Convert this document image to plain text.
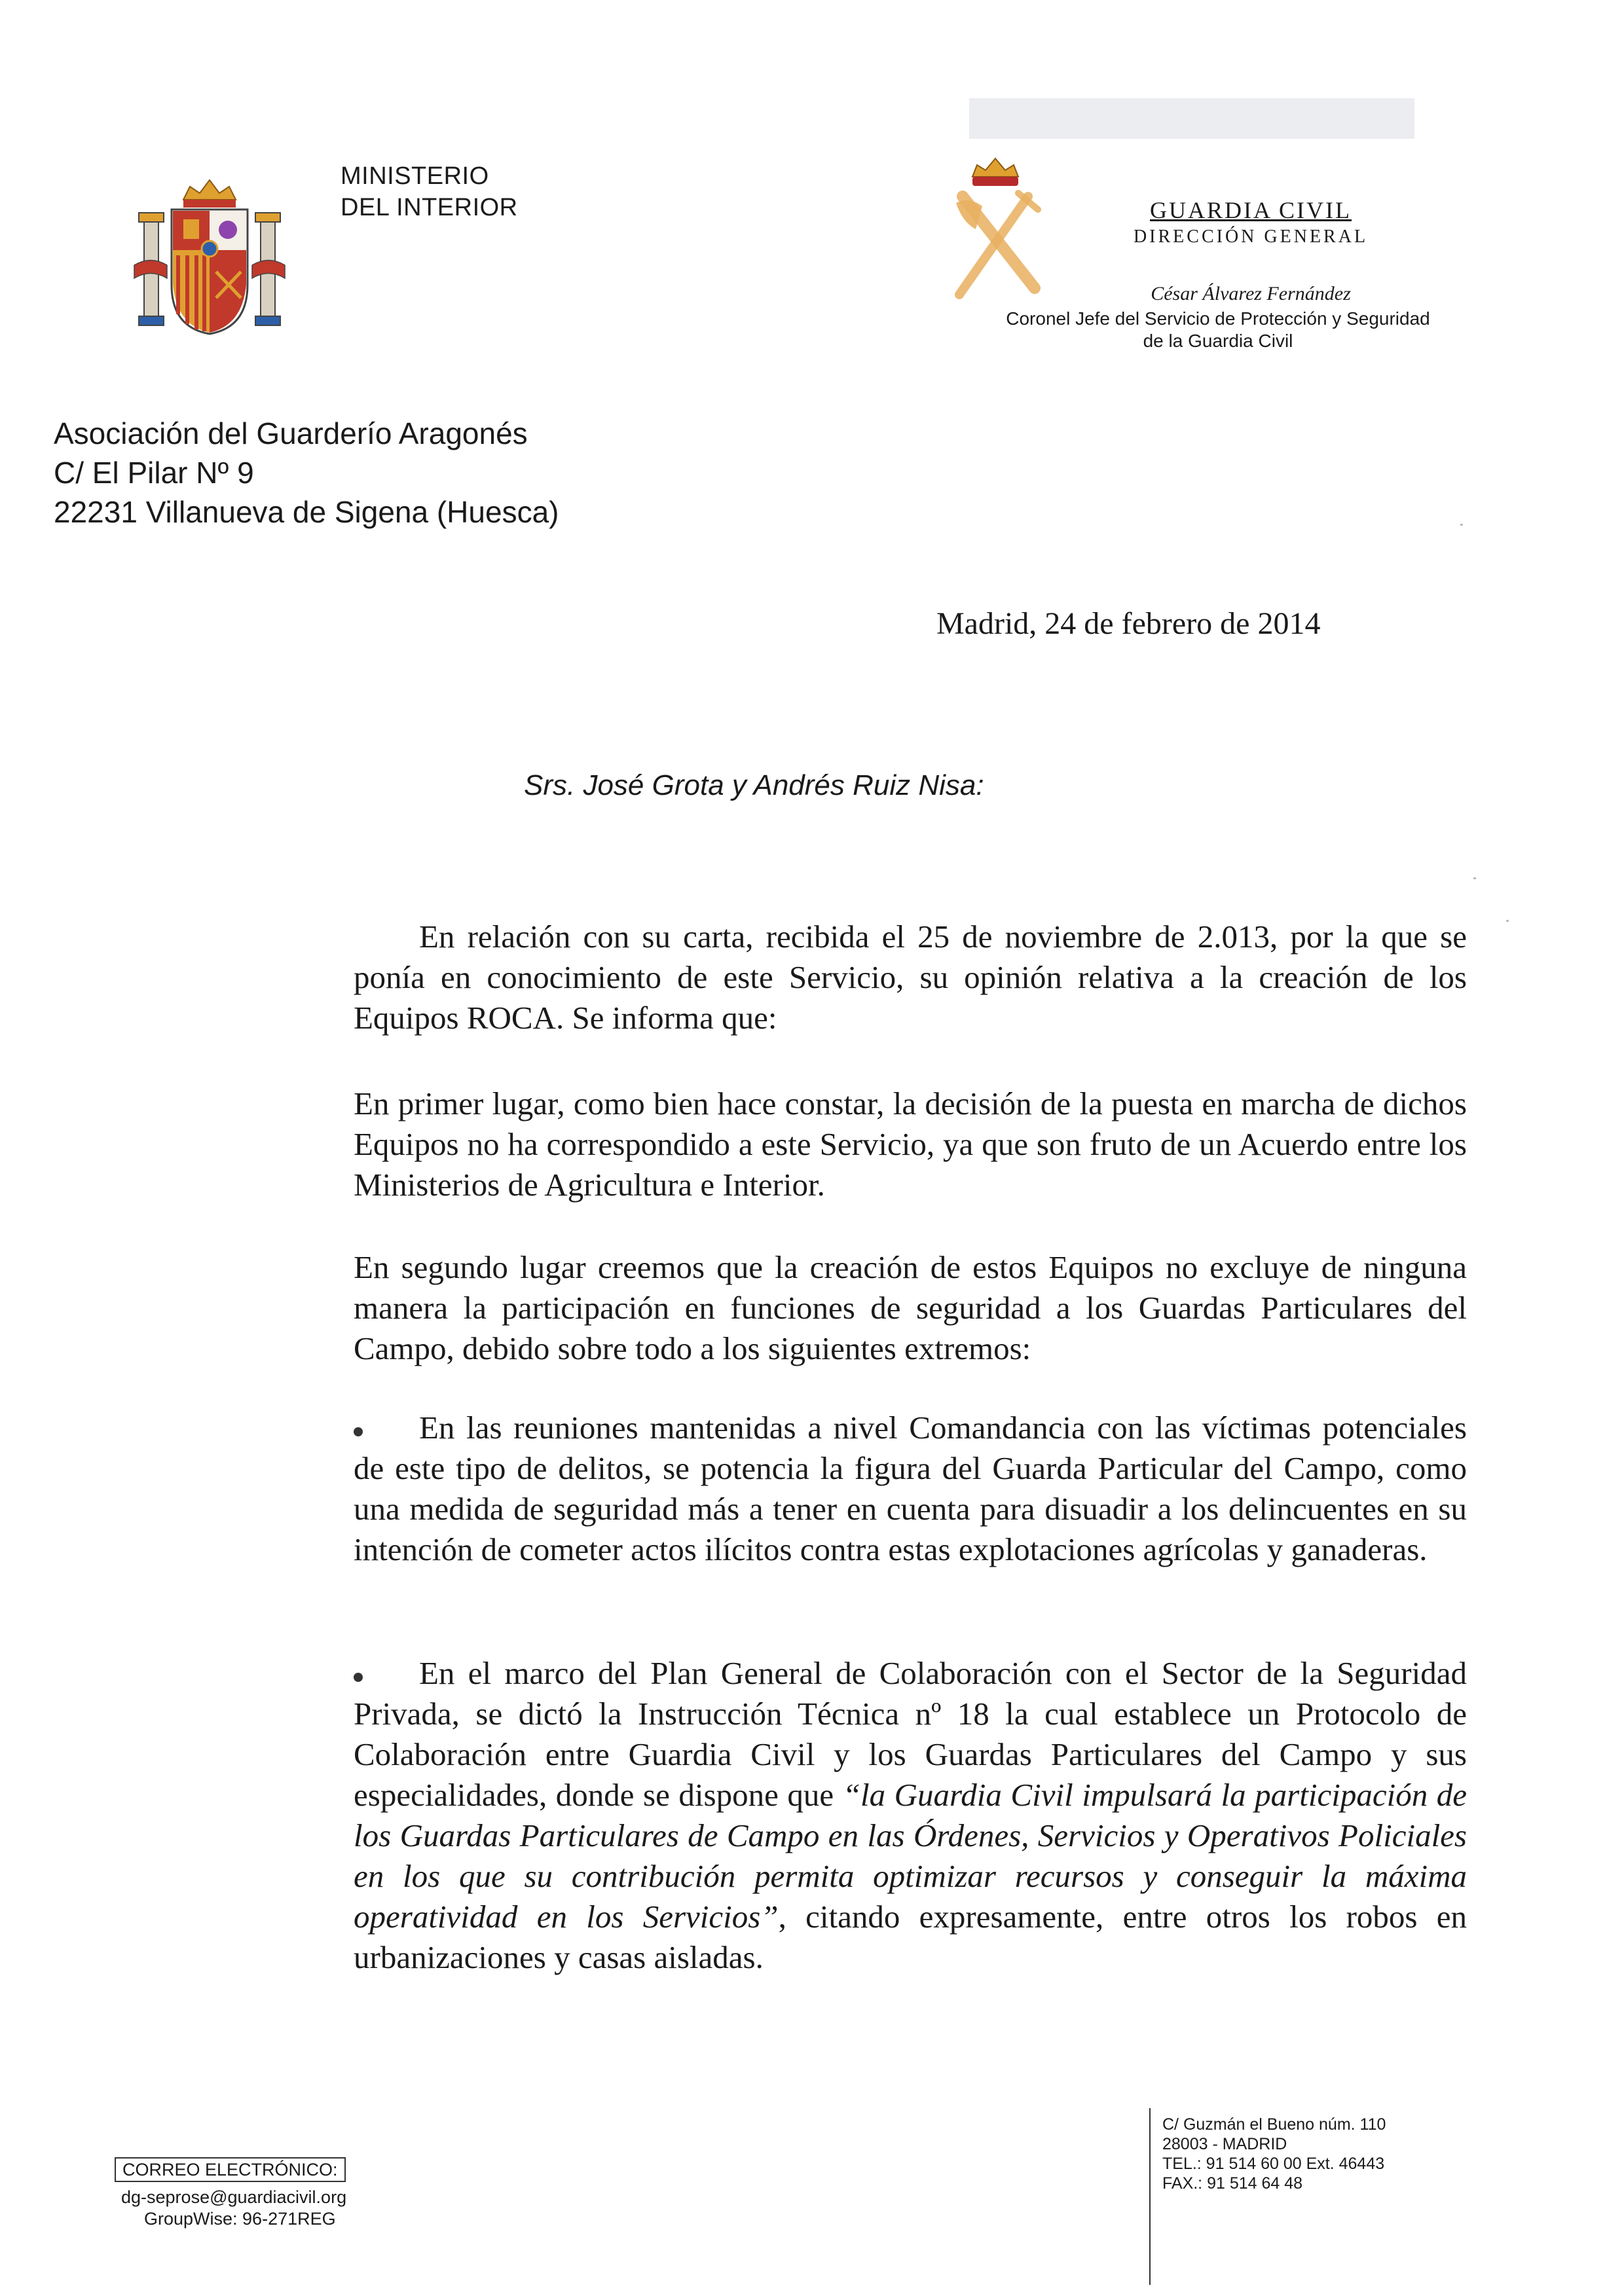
MINISTERIO
DEL INTERIOR	GUARDIA CIVIL
DIRECCIÓN GENERAL
César Álvarez Fernández
Coronel Jefe del Servicio de Protección y Seguridad
de la Guardia Civil
Asociación del Guarderío Aragonés
C/ El Pilar Nº 9
22231 Villanueva de Sigena (Huesca)
Madrid, 24 de febrero de 2014
Srs. José Grota y Andrés Ruiz Nisa:
En relación con su carta, recibida el 25 de noviembre de 2.013, por la que se ponía en conocimiento de este Servicio, su opinión relativa a la creación de los Equipos ROCA. Se informa que:
En primer lugar, como bien hace constar, la decisión de la puesta en marcha de dichos Equipos no ha correspondido a este Servicio, ya que son fruto de un Acuerdo entre los Ministerios de Agricultura e Interior.
En segundo lugar creemos que la creación de estos Equipos no excluye de ninguna manera la participación en funciones de seguridad a los Guardas Particulares del Campo, debido sobre todo a los siguientes extremos:
En las reuniones mantenidas a nivel Comandancia con las víctimas potenciales de este tipo de delitos, se potencia la figura del Guarda Particular del Campo, como una medida de seguridad más a tener en cuenta para disuadir a los delincuentes en su intención de cometer actos ilícitos contra estas explotaciones agrícolas y ganaderas.
En el marco del Plan General de Colaboración con el Sector de la Seguridad Privada, se dictó la Instrucción Técnica nº 18 la cual establece un Protocolo de Colaboración entre Guardia Civil y los Guardas Particulares del Campo y sus especialidades, donde se dispone que “la Guardia Civil impulsará la participación de los Guardas Particulares de Campo en las Órdenes, Servicios y Operativos Policiales en los que su contribución permita optimizar recursos y conseguir la máxima operatividad en los Servicios”, citando expresamente, entre otros los robos en urbanizaciones y casas aisladas.
CORREO ELECTRÓNICO:
dg-seprose@guardiacivil.org
GroupWise: 96-271REG
C/ Guzmán el Bueno núm. 110
28003 - MADRID
TEL.: 91 514 60 00 Ext. 46443
FAX.: 91 514 64 48
